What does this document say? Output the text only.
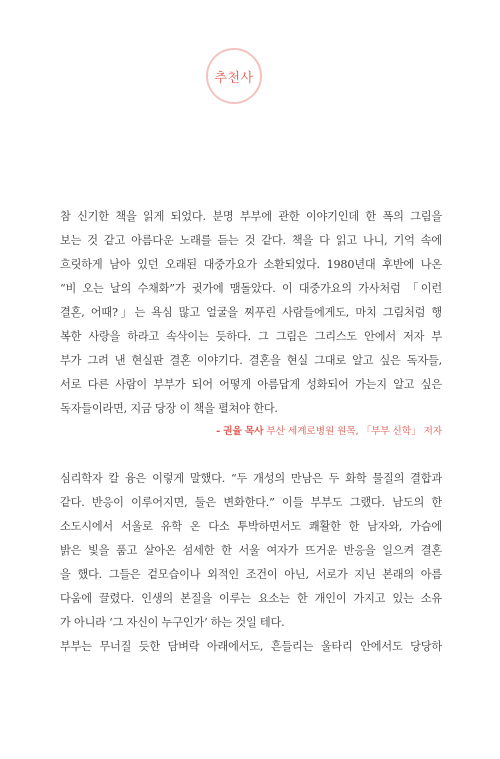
추천사
참 신기한 책을 읽게 되었다. 분명 부부에 관한 이야기인데 한 폭의 그림을
보는 것 같고 아름다운 노래를 듣는 것 같다. 책을 다 읽고 나니, 기억 속에
흐릿하게 남아 있던 오래된 대중가요가 소환되었다. 1980년대 후반에 나온
“비 오는 날의 수채화”가 귓가에 맴돌았다. 이 대중가요의 가사처럼 「이런
결혼, 어때?」는 욕심 많고 얼굴을 찌푸린 사람들에게도, 마치 그림처럼 행
복한 사랑을 하라고 속삭이는 듯하다. 그 그림은 그리스도 안에서 저자 부
부가 그려 낸 현실판 결혼 이야기다. 결혼을 현실 그대로 알고 싶은 독자들,
서로 다른 사람이 부부가 되어 어떻게 아름답게 성화되어 가는지 알고 싶은
독자들이라면, 지금 당장 이 책을 펼쳐야 한다.
- 권율 목사 부산 세계로병원 원목, 「부부 신학」 저자
심리학자 칼 융은 이렇게 말했다. “두 개성의 만남은 두 화학 물질의 결합과
같다. 반응이 이루어지면, 둘은 변화한다.” 이들 부부도 그랬다. 남도의 한
소도시에서 서울로 유학 온 다소 투박하면서도 쾌활한 한 남자와, 가슴에
밝은 빛을 품고 살아온 섬세한 한 서울 여자가 뜨거운 반응을 일으켜 결혼
을 했다. 그들은 겉모습이나 외적인 조건이 아닌, 서로가 지닌 본래의 아름
다움에 끌렸다. 인생의 본질을 이루는 요소는 한 개인이 가지고 있는 소유
가 아니라 ‘그 자신이 누구인가’ 하는 것일 테다.
부부는 무너질 듯한 담벼락 아래에서도, 흔들리는 울타리 안에서도 당당하
